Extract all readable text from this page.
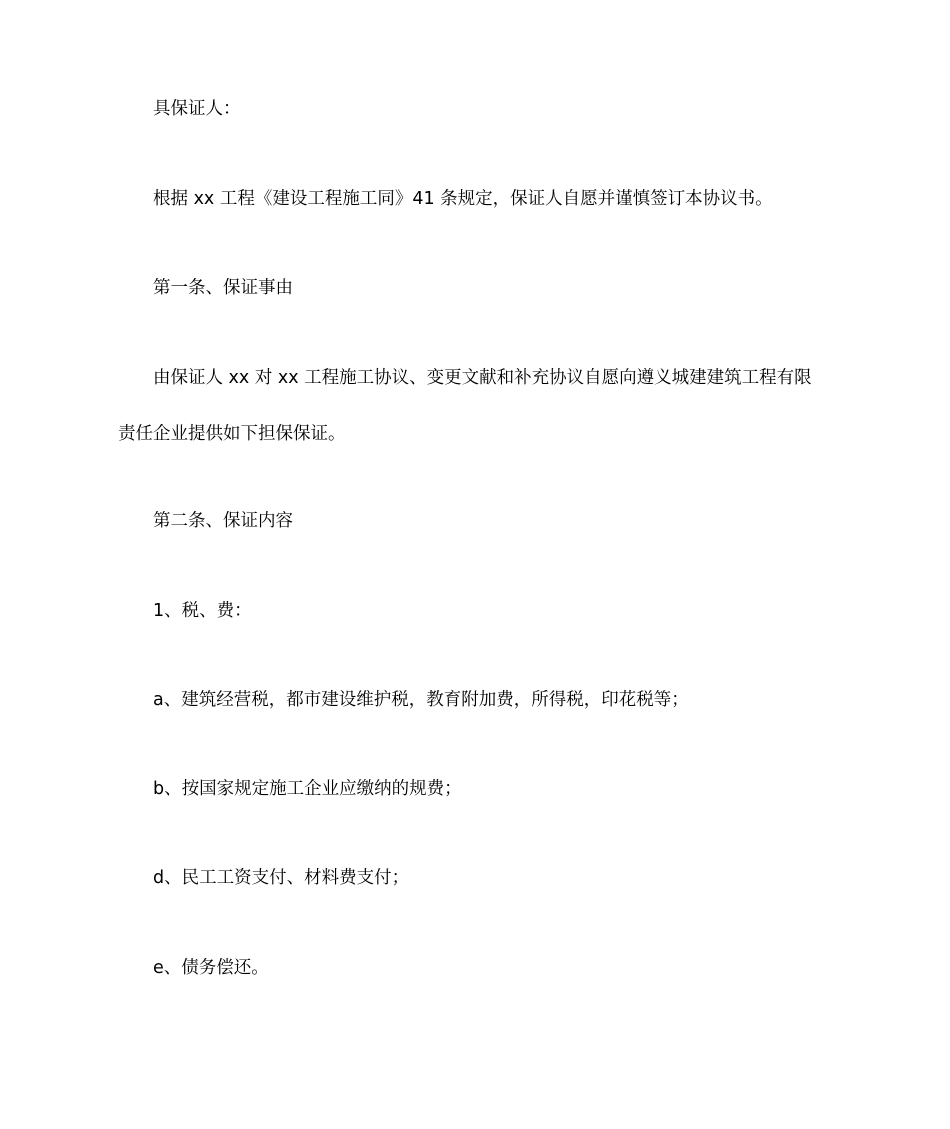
具保证人：
根据 xx 工程《建设工程施工同》41 条规定，保证人自愿并谨慎签订本协议书。
第一条、保证事由
由保证人 xx 对 xx 工程施工协议、变更文献和补充协议自愿向遵义城建建筑工程有限
责任企业提供如下担保保证。
第二条、保证内容
1、税、费：
a、建筑经营税，都市建设维护税，教育附加费，所得税，印花税等；
b、按国家规定施工企业应缴纳的规费；
d、民工工资支付、材料费支付；
e、债务偿还。
